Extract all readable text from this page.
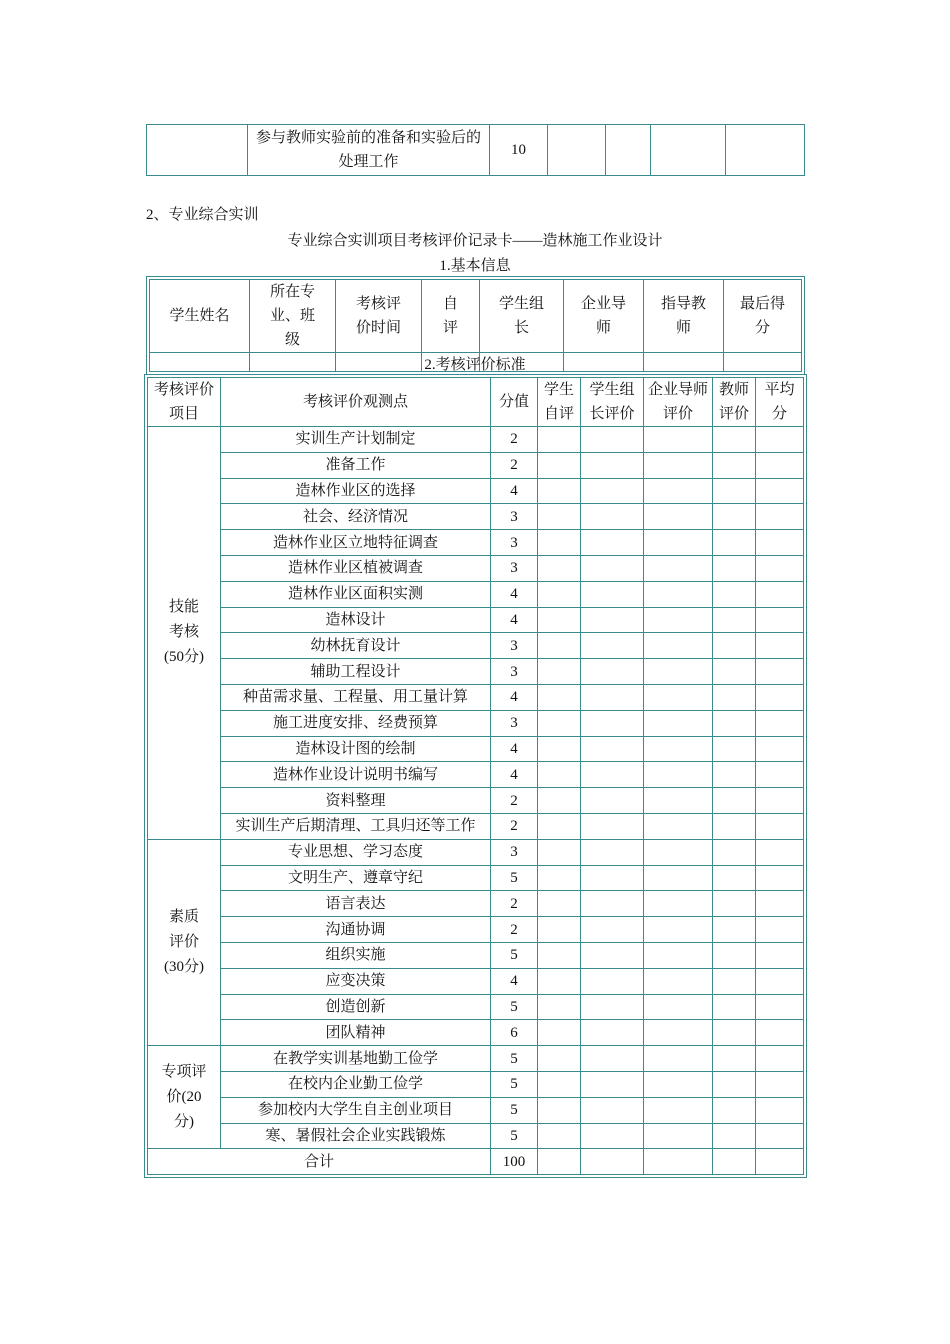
	参与教师实验前的准备和实验后的处理工作	10				
2、专业综合实训
专业综合实训项目考核评价记录卡——造林施工作业设计
1.基本信息
学生姓名	所在专业、班级	考核评价时间	自评	学生组长	企业导师	指导教师	最后得分

2.考核评价标准
考核评价项目	考核评价观测点	分值	学生自评	学生组长评价	企业导师评价	教师评价	平均分
技能考核(50分)	实训生产计划制定	2					
	准备工作	2					
	造林作业区的选择	4					
	社会、经济情况	3					
	造林作业区立地特征调查	3					
	造林作业区植被调查	3					
	造林作业区面积实测	4					
	造林设计	4					
	幼林抚育设计	3					
	辅助工程设计	3					
	种苗需求量、工程量、用工量计算	4					
	施工进度安排、经费预算	3					
	造林设计图的绘制	4					
	造林作业设计说明书编写	4					
	资料整理	2					
	实训生产后期清理、工具归还等工作	2					
素质评价(30分)	专业思想、学习态度	3					
	文明生产、遵章守纪	5					
	语言表达	2					
	沟通协调	2					
	组织实施	5					
	应变决策	4					
	创造创新	5					
	团队精神	6					
专项评价(20分)	在教学实训基地勤工俭学	5					
	在校内企业勤工俭学	5					
	参加校内大学生自主创业项目	5					
	寒、暑假社会企业实践锻炼	5					
合计		100					
